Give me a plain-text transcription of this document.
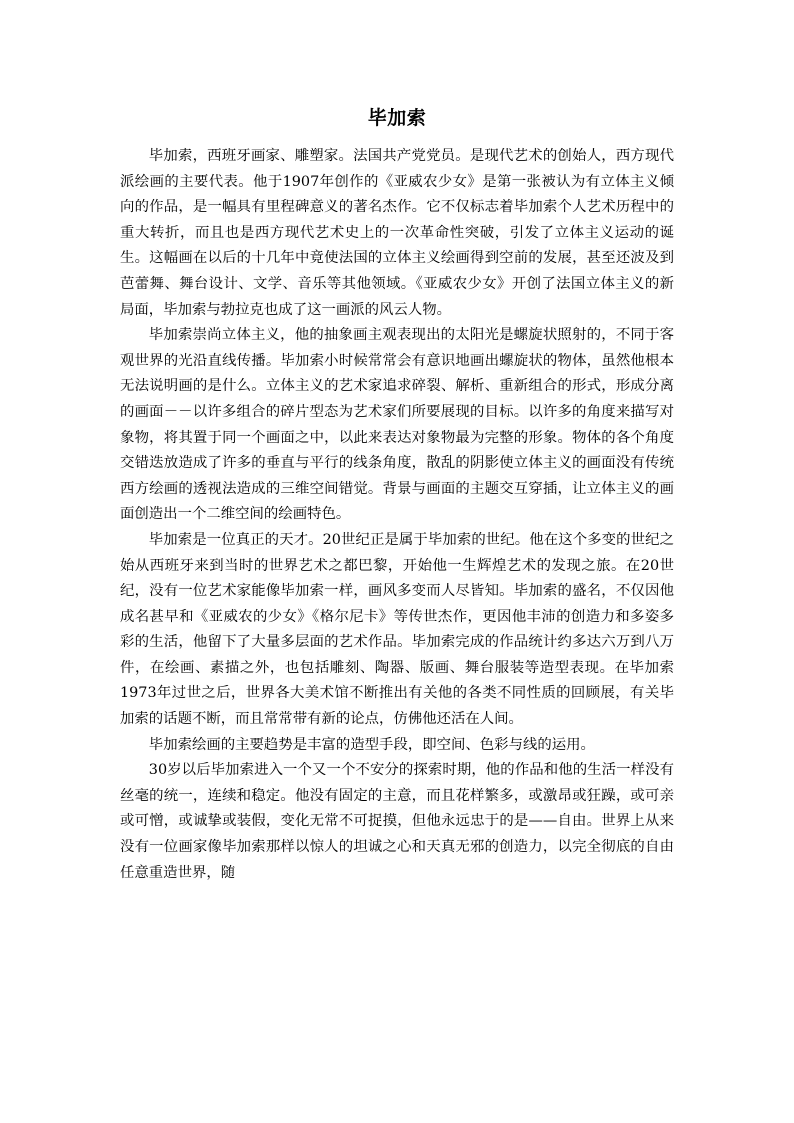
毕加索

毕加索，西班牙画家、雕塑家。法国共产党党员。是现代艺术的创始人，西方现代派绘画的主要代表。他于1907年创作的《亚威农少女》是第一张被认为有立体主义倾向的作品，是一幅具有里程碑意义的著名杰作。它不仅标志着毕加索个人艺术历程中的重大转折，而且也是西方现代艺术史上的一次革命性突破，引发了立体主义运动的诞生。这幅画在以后的十几年中竟使法国的立体主义绘画得到空前的发展，甚至还波及到芭蕾舞、舞台设计、文学、音乐等其他领域。《亚威农少女》开创了法国立体主义的新局面，毕加索与勃拉克也成了这一画派的风云人物。

毕加索崇尚立体主义，他的抽象画主观表现出的太阳光是螺旋状照射的，不同于客观世界的光沿直线传播。毕加索小时候常常会有意识地画出螺旋状的物体，虽然他根本无法说明画的是什么。立体主义的艺术家追求碎裂、解析、重新组合的形式，形成分离的画面－－以许多组合的碎片型态为艺术家们所要展现的目标。以许多的角度来描写对象物，将其置于同一个画面之中，以此来表达对象物最为完整的形象。物体的各个角度交错迭放造成了许多的垂直与平行的线条角度，散乱的阴影使立体主义的画面没有传统西方绘画的透视法造成的三维空间错觉。背景与画面的主题交互穿插，让立体主义的画面创造出一个二维空间的绘画特色。

毕加索是一位真正的天才。20世纪正是属于毕加索的世纪。他在这个多变的世纪之始从西班牙来到当时的世界艺术之都巴黎，开始他一生辉煌艺术的发现之旅。在20世纪，没有一位艺术家能像毕加索一样，画风多变而人尽皆知。毕加索的盛名，不仅因他成名甚早和《亚威农的少女》《格尔尼卡》等传世杰作，更因他丰沛的创造力和多姿多彩的生活，他留下了大量多层面的艺术作品。毕加索完成的作品统计约多达六万到八万件，在绘画、素描之外，也包括雕刻、陶器、版画、舞台服装等造型表现。在毕加索1973年过世之后，世界各大美术馆不断推出有关他的各类不同性质的回顾展，有关毕加索的话题不断，而且常常带有新的论点，仿佛他还活在人间。

毕加索绘画的主要趋势是丰富的造型手段，即空间、色彩与线的运用。

30岁以后毕加索进入一个又一个不安分的探索时期，他的作品和他的生活一样没有丝毫的统一，连续和稳定。他没有固定的主意，而且花样繁多，或激昂或狂躁，或可亲或可憎，或诚挚或装假，变化无常不可捉摸，但他永远忠于的是——自由。世界上从来没有一位画家像毕加索那样以惊人的坦诚之心和天真无邪的创造力，以完全彻底的自由任意重造世界，随
